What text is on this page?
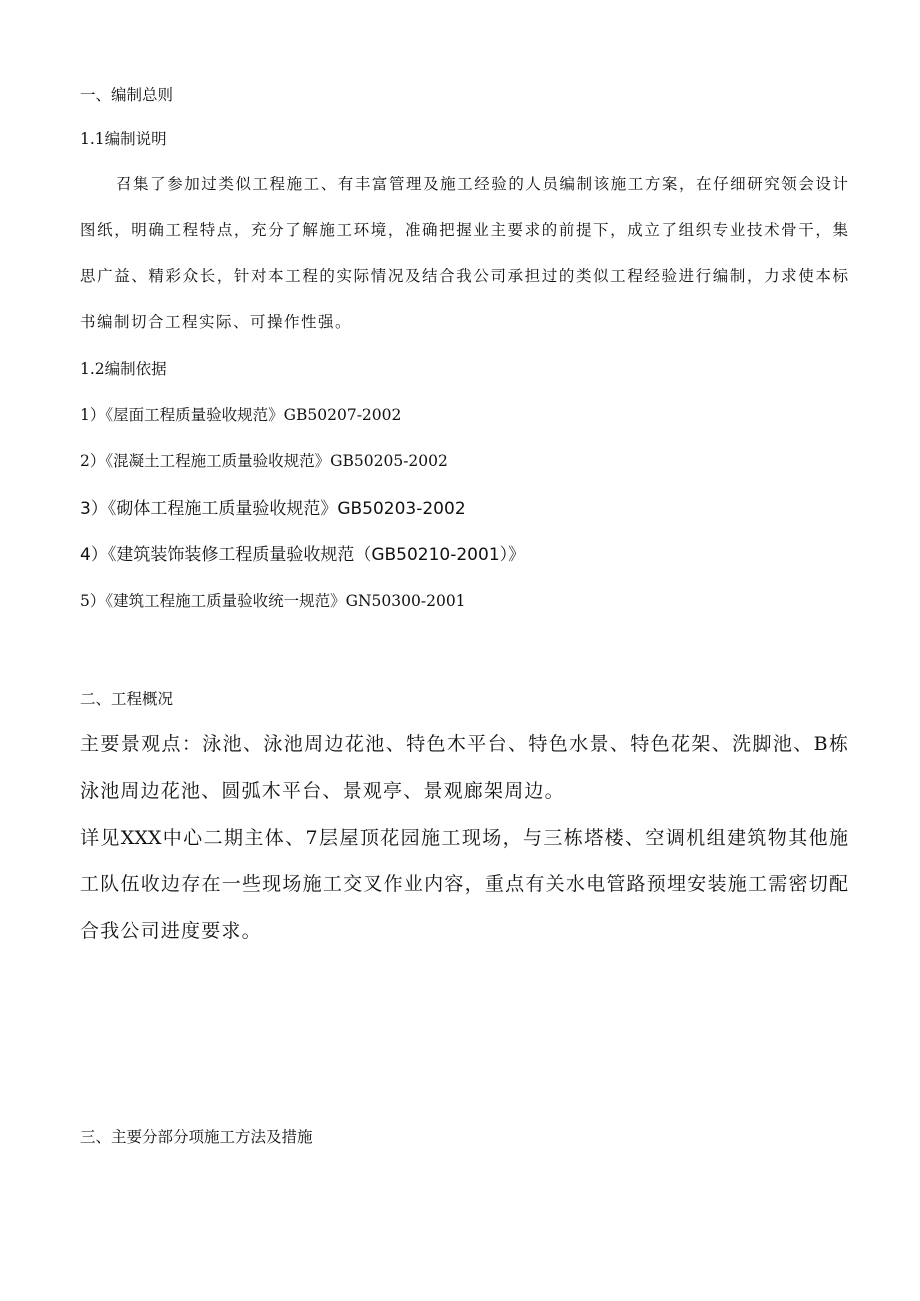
一、编制总则
1.1编制说明
召集了参加过类似工程施工、有丰富管理及施工经验的人员编制该施工方案，在仔细研究领会设计
图纸，明确工程特点，充分了解施工环境，准确把握业主要求的前提下，成立了组织专业技术骨干，集
思广益、精彩众长，针对本工程的实际情况及结合我公司承担过的类似工程经验进行编制，力求使本标
书编制切合工程实际、可操作性强。
1.2编制依据
1）《屋面工程质量验收规范》GB50207-2002
2）《混凝土工程施工质量验收规范》GB50205-2002
3）《砌体工程施工质量验收规范》GB50203-2002
4）《建筑装饰装修工程质量验收规范（GB50210-2001）》
5）《建筑工程施工质量验收统一规范》GN50300-2001
二、工程概况
主要景观点：泳池、泳池周边花池、特色木平台、特色水景、特色花架、洗脚池、B栋
泳池周边花池、圆弧木平台、景观亭、景观廊架周边。
详见XXX中心二期主体、7层屋顶花园施工现场，与三栋塔楼、空调机组建筑物其他施
工队伍收边存在一些现场施工交叉作业内容，重点有关水电管路预埋安装施工需密切配
合我公司进度要求。
三、主要分部分项施工方法及措施
